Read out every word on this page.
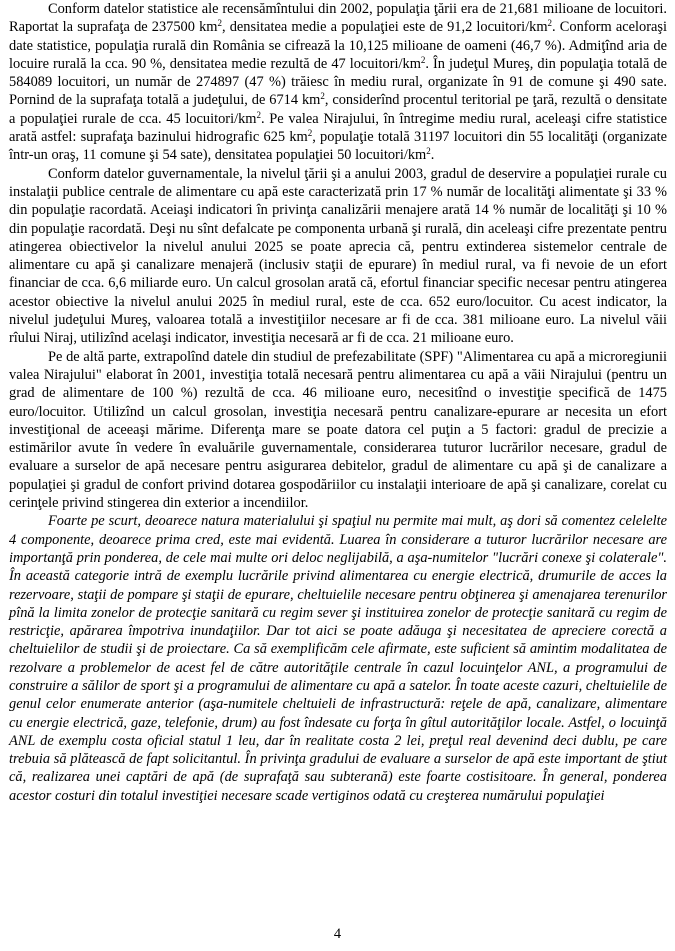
Conform datelor statistice ale recensămîntului din 2002, populaţia ţării era de 21,681 milioane de locuitori. Raportat la suprafaţa de 237500 $km^2$, densitatea medie a populaţiei este de 91,2 locuitori/$km^2$. Conform aceloraşi date statistice, populaţia rurală din România se cifrează la 10,125 milioane de oameni (46,7 %). Admiţînd aria de locuire rurală la cca. 90 %, densitatea medie rezultă de 47 locuitori/$km^2$. În judeţul Mureş, din populaţia totală de 584089 locuitori, un număr de 274897 (47 %) trăiesc în mediu rural, organizate în 91 de comune şi 490 sate. Pornind de la suprafaţa totală a judeţului, de 6714 $km^2$, considerînd procentul teritorial pe ţară, rezultă o densitate a populaţiei rurale de cca. 45 locuitori/$km^2$. Pe valea Nirajului, în întregime mediu rural, aceleaşi cifre statistice arată astfel: suprafaţa bazinului hidrografic 625 $km^2$, populaţie totală 31197 locuitori din 55 localităţi (organizate într-un oraş, 11 comune şi 54 sate), densitatea populaţiei 50 locuitori/$km^2$.

Conform datelor guvernamentale, la nivelul ţării şi a anului 2003, gradul de deservire a populaţiei rurale cu instalaţii publice centrale de alimentare cu apă este caracterizată prin 17 % număr de localităţi alimentate şi 33 % din populaţie racordată. Aceiaşi indicatori în privinţa canalizării menajere arată 14 % număr de localităţi şi 10 % din populaţie racordată. Deşi nu sînt defalcate pe componenta urbană şi rurală, din aceleaşi cifre prezentate pentru atingerea obiectivelor la nivelul anului 2025 se poate aprecia că, pentru extinderea sistemelor centrale de alimentare cu apă şi canalizare menajeră (inclusiv staţii de epurare) în mediul rural, va fi nevoie de un efort financiar de cca. 6,6 miliarde euro. Un calcul grosolan arată că, efortul financiar specific necesar pentru atingerea acestor obiective la nivelul anului 2025 în mediul rural, este de cca. 652 euro/locuitor. Cu acest indicator, la nivelul judeţului Mureş, valoarea totală a investiţiilor necesare ar fi de cca. 381 milioane euro. La nivelul văii rîului Niraj, utilizînd acelaşi indicator, investiţia necesară ar fi de cca. 21 milioane euro.

Pe de altă parte, extrapolînd datele din studiul de prefezabilitate (SPF) "Alimentarea cu apă a microregiunii valea Nirajului" elaborat în 2001, investiţia totală necesară pentru alimentarea cu apă a văii Nirajului (pentru un grad de alimentare de 100 %) rezultă de cca. 46 milioane euro, necesitînd o investiţie specifică de 1475 euro/locuitor. Utilizînd un calcul grosolan, investiţia necesară pentru canalizare-epurare ar necesita un efort investiţional de aceeaşi mărime. Diferenţa mare se poate datora cel puţin a 5 factori: gradul de precizie a estimărilor avute în vedere în evaluările guvernamentale, considerarea tuturor lucrărilor necesare, gradul de evaluare a surselor de apă necesare pentru asigurarea debitelor, gradul de alimentare cu apă şi de canalizare a populaţiei şi gradul de confort privind dotarea gospodăriilor cu instalaţii interioare de apă şi canalizare, corelat cu cerinţele privind stingerea din exterior a incendiilor.

Foarte pe scurt, deoarece natura materialului şi spaţiul nu permite mai mult, aş dori să comentez celelelte 4 componente, deoarece prima cred, este mai evidentă. Luarea în considerare a tuturor lucrărilor necesare are importanţă prin ponderea, de cele mai multe ori deloc neglijabilă, a aşa-numitelor "lucrări conexe şi colaterale". În această categorie intră de exemplu lucrările privind alimentarea cu energie electrică, drumurile de acces la rezervoare, staţii de pompare şi staţii de epurare, cheltuielile necesare pentru obţinerea şi amenajarea terenurilor pînă la limita zonelor de protecţie sanitară cu regim sever şi instituirea zonelor de protecţie sanitară cu regim de restricţie, apărarea împotriva inundaţiilor. Dar tot aici se poate adăuga şi necesitatea de apreciere corectă a cheltuielilor de studii şi de proiectare. Ca să exemplificăm cele afirmate, este suficient să amintim modalitatea de rezolvare a problemelor de acest fel de către autorităţile centrale în cazul locuinţelor ANL, a programului de construire a sălilor de sport şi a programului de alimentare cu apă a satelor. În toate aceste cazuri, cheltuielile de genul celor enumerate anterior (aşa-numitele cheltuieli de infrastructură: reţele de apă, canalizare, alimentare cu energie electrică, gaze, telefonie, drum) au fost îndesate cu forţa în gîtul autorităţilor locale. Astfel, o locuinţă ANL de exemplu costa oficial statul 1 leu, dar în realitate costa 2 lei, preţul real devenind deci dublu, pe care trebuia să plătească de fapt solicitantul. În privinţa gradului de evaluare a surselor de apă este important de ştiut că, realizarea unei captări de apă (de suprafaţă sau subterană) este foarte costisitoare. În general, ponderea acestor costuri din totalul investiţiei necesare scade vertiginos odată cu creşterea numărului populaţiei

4
